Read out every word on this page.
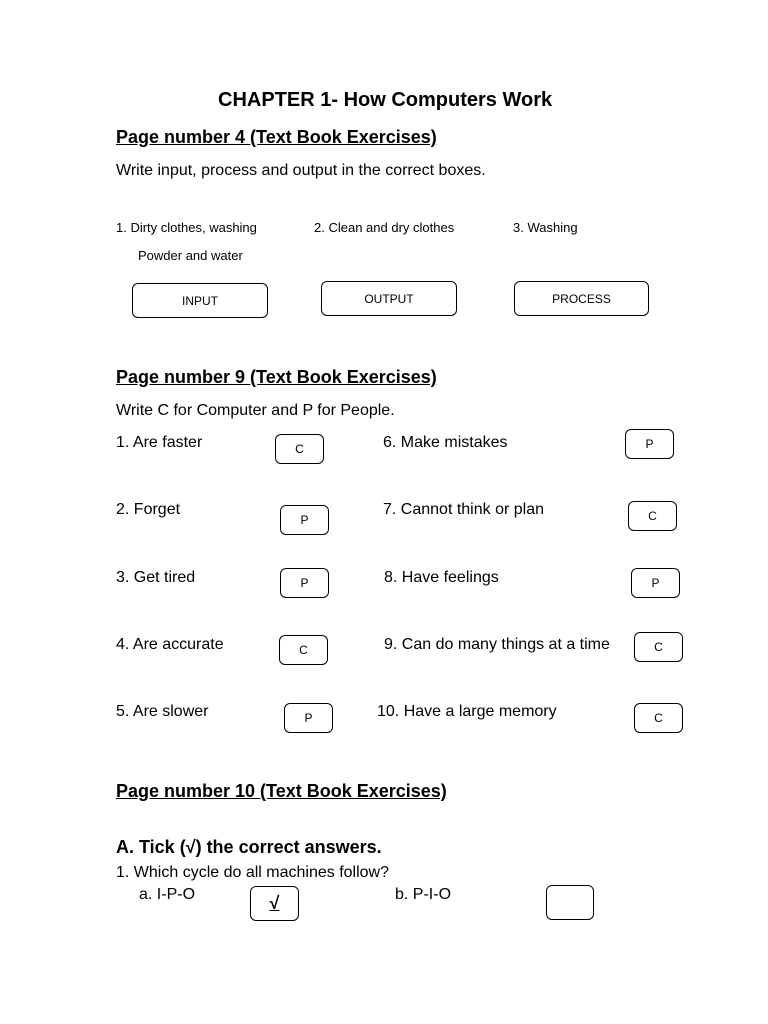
CHAPTER 1- How Computers Work
Page number 4 (Text Book Exercises)
Write input, process and output in the correct boxes.
1. Dirty clothes, washing
Powder and water
2. Clean and dry clothes	3. Washing
INPUT	OUTPUT	PROCESS
Page number 9 (Text Book Exercises)
Write C for Computer and P for People.
1. Are faster	C
2. Forget
P
3. Get tired	P
4. Are accurate	C
5. Are slower	P
6. Make mistakes	P
7. Cannot think or plan	C
8. Have feelings	P
9. Can do many things at a time	C
10. Have a large memory	C
Page number 10 (Text Book Exercises)
A. Tick (√) the correct answers.
1. Which cycle do all machines follow?
a. I-P-O	√	b. P-I-O
